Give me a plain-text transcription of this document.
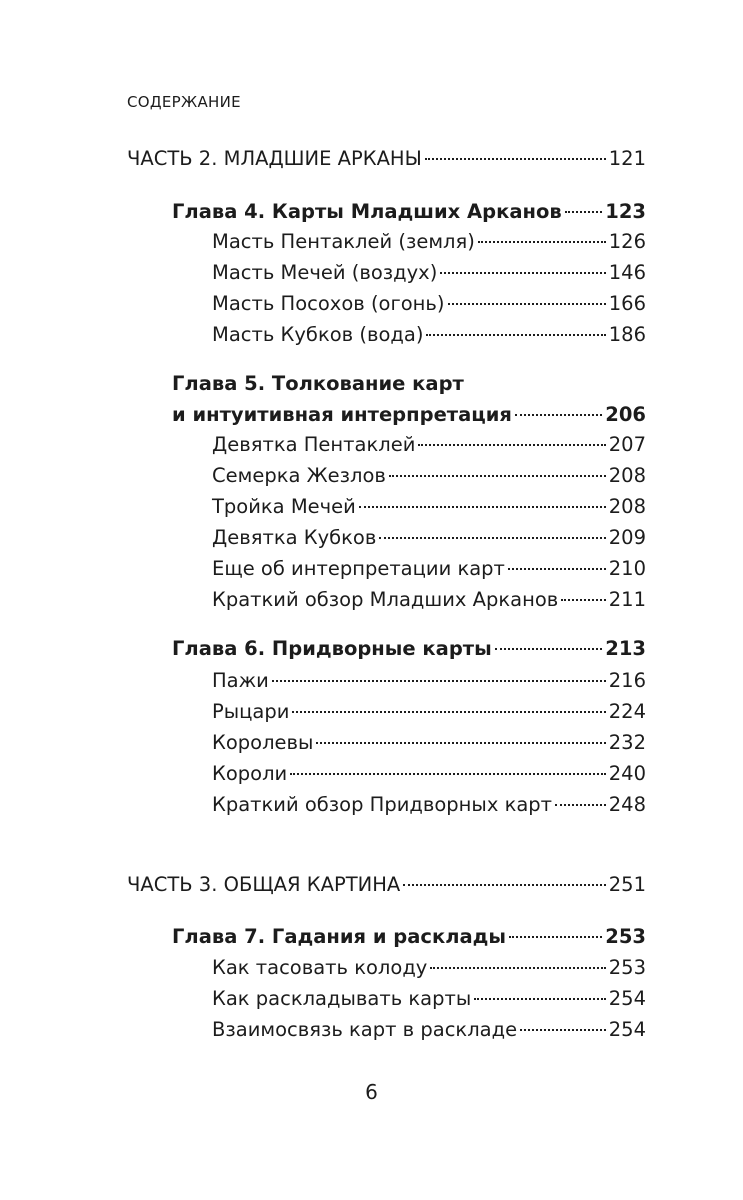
СОДЕРЖАНИЕ
ЧАСТЬ 2. МЛАДШИЕ АРКАНЫ	121
Глава 4. Карты Младших Арканов 123
Масть Пентаклей (земля)	126
Масть Мечей (воздух)	146
Масть Посохов (огонь)	166
Масть Кубков (вода)	186
Глава 5. Толкование карт
и интуитивная интерпретация	206
Девятка Пентаклей	207
Семерка Жезлов	208
Тройка Мечей	208
Девятка Кубков	209
Еще об интерпретации карт	210
Краткий обзор Младших Арканов	211
Глава 6. Придворные карты	213
Пажи	216
Рыцари	224
Королевы	232
Короли	240
Краткий обзор Придворных карт	248
ЧАСТЬ 3. ОБЩАЯ КАРТИНА	251
Глава 7. Гадания и расклады	253
Как тасовать колоду	253
Как раскладывать карты	254
Взаимосвязь карт в раскладе	254
6
